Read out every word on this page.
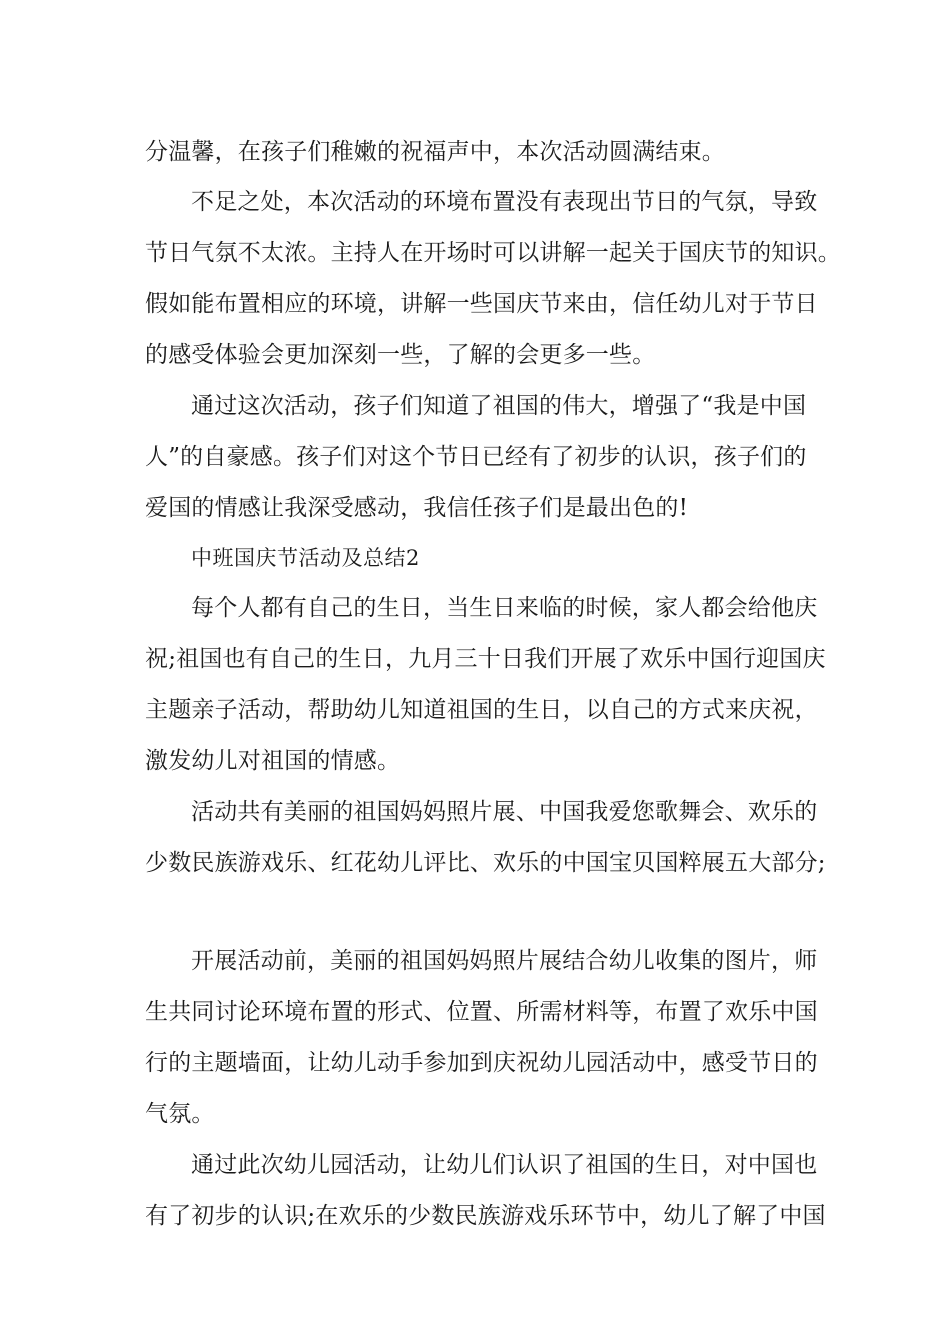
分温馨，在孩子们稚嫩的祝福声中，本次活动圆满结束。

不足之处，本次活动的环境布置没有表现出节日的气氛，导致

节日气氛不太浓。主持人在开场时可以讲解一起关于国庆节的知识。

假如能布置相应的环境，讲解一些国庆节来由，信任幼儿对于节日

的感受体验会更加深刻一些，了解的会更多一些。

通过这次活动，孩子们知道了祖国的伟大，增强了“我是中国

人”的自豪感。孩子们对这个节日已经有了初步的认识，孩子们的

爱国的情感让我深受感动，我信任孩子们是最出色的!

中班国庆节活动及总结2

每个人都有自己的生日，当生日来临的时候，家人都会给他庆

祝;祖国也有自己的生日，九月三十日我们开展了欢乐中国行迎国庆

主题亲子活动，帮助幼儿知道祖国的生日，以自己的方式来庆祝，

激发幼儿对祖国的情感。

活动共有美丽的祖国妈妈照片展、中国我爱您歌舞会、欢乐的

少数民族游戏乐、红花幼儿评比、欢乐的中国宝贝国粹展五大部分;

开展活动前，美丽的祖国妈妈照片展结合幼儿收集的图片，师

生共同讨论环境布置的形式、位置、所需材料等，布置了欢乐中国

行的主题墙面，让幼儿动手参加到庆祝幼儿园活动中，感受节日的

气氛。

通过此次幼儿园活动，让幼儿们认识了祖国的生日，对中国也

有了初步的认识;在欢乐的少数民族游戏乐环节中，幼儿了解了中国
